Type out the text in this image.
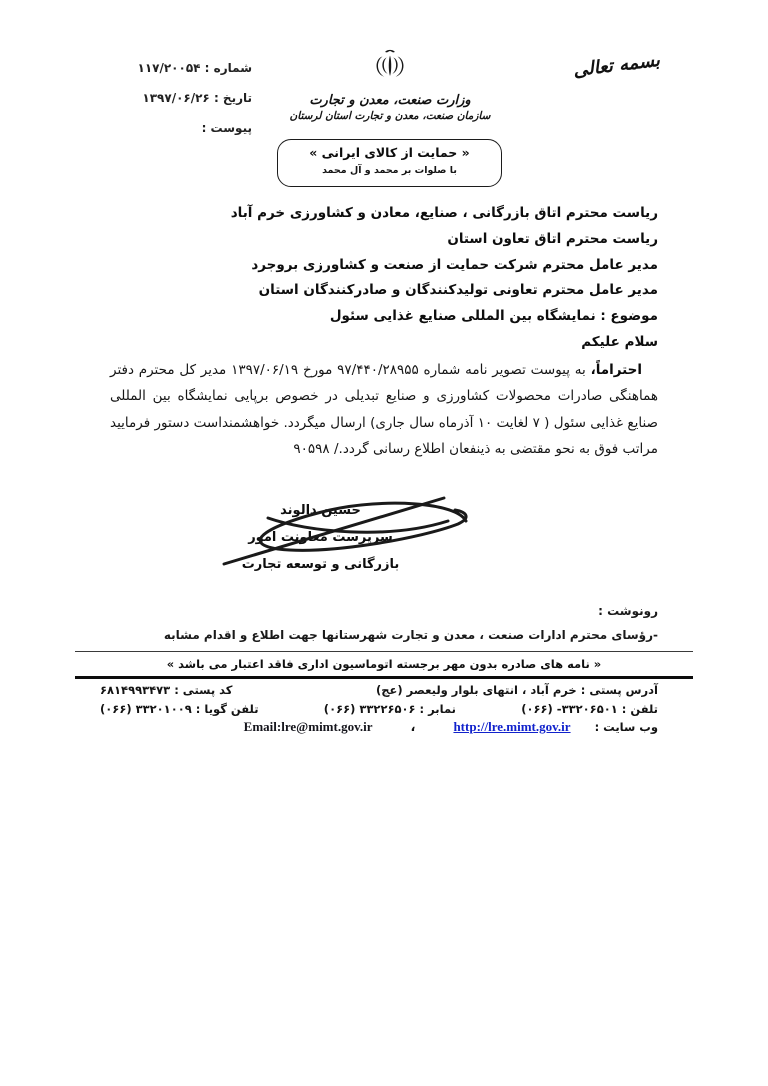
شماره : ۱۱۷/۲۰۰۵۴
تاریخ : ۱۳۹۷/۰۶/۲۶
پیوست :
بسمه تعالی
وزارت صنعت، معدن و تجارت
سازمان صنعت، معدن و تجارت استان لرستان
« حمایت از کالای ایرانی »
با صلوات بر محمد و آل محمد
ریاست محترم اتاق بازرگانی ، صنایع، معادن و کشاورزی خرم آباد
ریاست محترم اتاق تعاون استان
مدیر عامل محترم شرکت حمایت از صنعت و کشاورزی بروجرد
مدیر عامل محترم تعاونی تولیدکنندگان و صادرکنندگان استان
موضوع : نمایشگاه بین المللی صنایع غذایی سئول
سلام علیکم

احتراماً، به پیوست تصویر نامه شماره ۹۷/۴۴۰/۲۸۹۵۵ مورخ ۱۳۹۷/۰۶/۱۹ مدیر کل محترم دفتر هماهنگی صادرات محصولات کشاورزی و صنایع تبدیلی در خصوص برپایی نمایشگاه بین المللی صنایع غذایی سئول ( ۷ لغایت ۱۰ آذرماه سال جاری) ارسال میگردد. خواهشمنداست دستور فرمایید مراتب فوق به نحو مقتضی به ذینفعان اطلاع رسانی گردد./ ۹۰۵۹۸

حسین دالوند
سرپرست معاونت امور
بازرگانی و توسعه تجارت
رونوشت :
-رؤسای محترم ادارات صنعت ، معدن و تجارت شهرستانها جهت اطلاع و اقدام مشابه
« نامه های صادره بدون مهر برجسته اتوماسیون اداری فاقد اعتبار می باشد »
آدرس پستی : خرم آباد ، انتهای بلوار ولیعصر (عج)
کد پستی : ۶۸۱۴۹۹۳۴۷۳
تلفن : ۳۳۲۰۶۵۰۱- (۰۶۶)
نمابر : ۳۳۲۲۶۵۰۶ (۰۶۶)
تلفن گویا : ۳۳۲۰۱۰۰۹ (۰۶۶)
وب سایت :
http://lre.mimt.gov.ir
،
Email:lre@mimt.gov.ir
